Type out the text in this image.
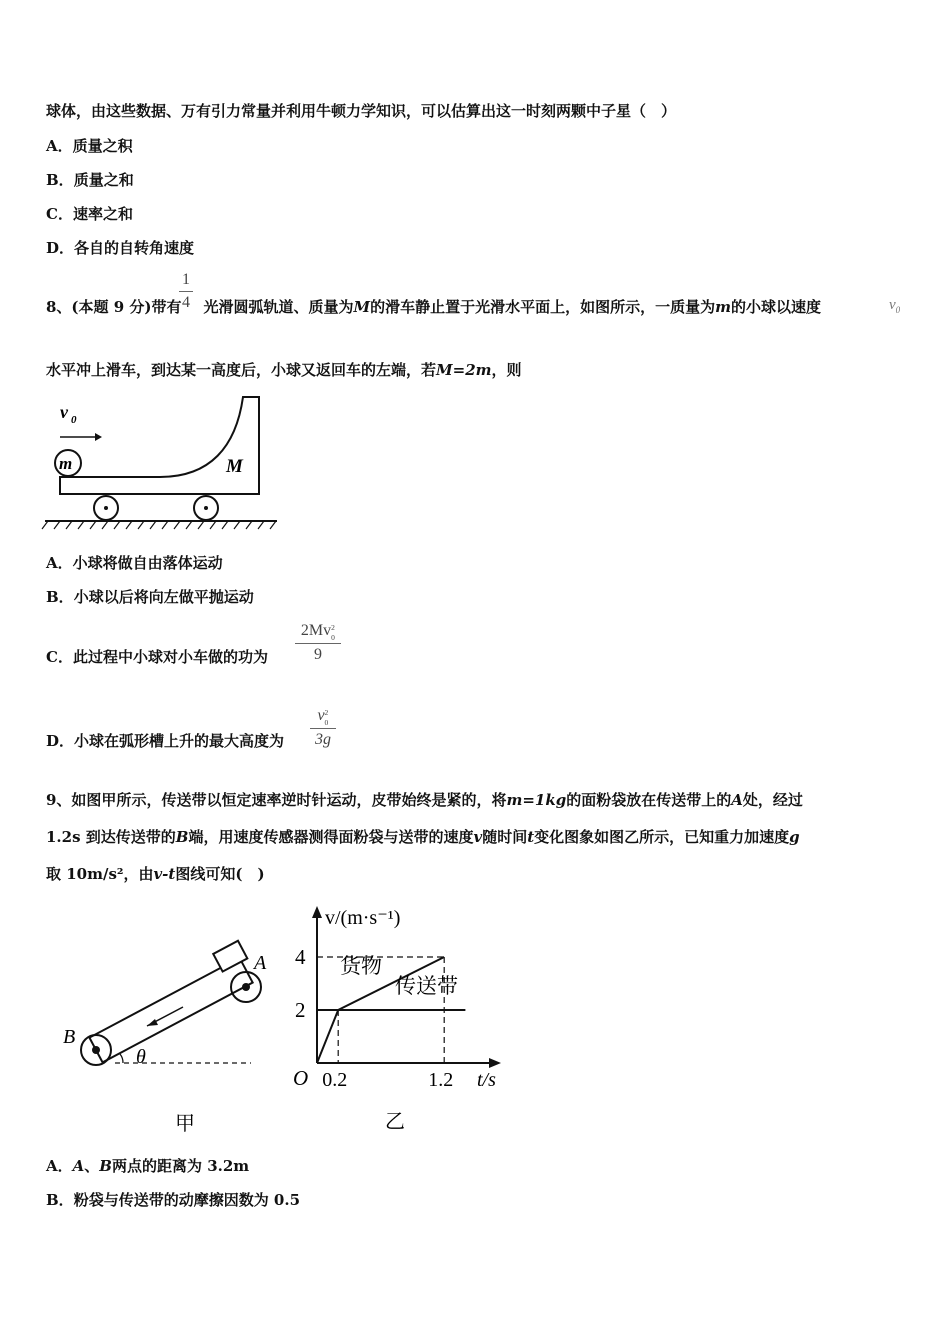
球体，由这些数据、万有引力常量并利用牛顿力学知识，可以估算出这一时刻两颗中子星（　）
A．质量之积
B．质量之和
C．速率之和
D．各自的自转角速度
8、(本题 9 分)带有 光滑圆弧轨道、质量为M的滑车静止置于光滑水平面上，如图所示，一质量为m的小球以速度
1
4	$v_0$
水平冲上滑车，到达某一高度后，小球又返回车的左端，若M=2m，则
v 0
m	M
A．小球将做自由落体运动
B．小球以后将向左做平抛运动
C．此过程中小球对小车做的功为
2Mv 2
0

9
D．小球在弧形槽上升的最大高度为
v 2
0

3g
9、如图甲所示，传送带以恒定速率逆时针运动，皮带始终是紧的，将m=1kg的面粉袋放在传送带上的A处，经过
1.2s 到达传送带的B端，用速度传感器测得面粉袋与送带的速度v随时间t变化图象如图乙所示，已知重力加速度g
取 10m/s²，由v-t图线可知(　)
θ
A
B
甲
v/(m·s⁻¹)
t/s
O
2
4
0.2	1.2
货物
传送带
乙
A．A、B两点的距离为 3.2m
B．粉袋与传送带的动摩擦因数为 0.5
